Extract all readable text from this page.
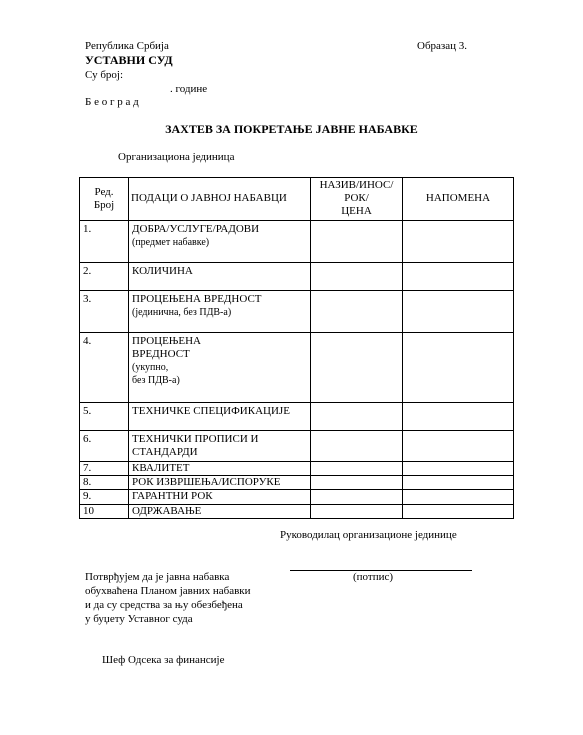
Република Србија
УСТАВНИ СУД
Су број:
. године
Б е о г р а д
Образац 3.
ЗАХТЕВ ЗА ПОКРЕТАЊЕ ЈАВНЕ НАБАВКЕ
Организациона јединица
Ред.
Број	ПОДАЦИ О ЈАВНОЈ НАБАВЦИ	НАЗИВ/ИНОС/
РОК/
ЦЕНА	НАПОМЕНА
1.	ДОБРА/УСЛУГЕ/РАДОВИ
(предмет набавке)		
2.	КОЛИЧИНА		
3.	ПРОЦЕЊЕНА ВРЕДНОСТ
(јединична, без ПДВ-а)		
4.	ПРОЦЕЊЕНА
ВРЕДНОСТ
(укупно,
без ПДВ-а)		
5.	ТЕХНИЧКЕ СПЕЦИФИКАЦИЈЕ		
6.	ТЕХНИЧКИ ПРОПИСИ И
СТАНДАРДИ		
7.	КВАЛИТЕТ		
8.	РОК ИЗВРШЕЊА/ИСПОРУКЕ		
9.	ГАРАНТНИ РОК		
10	ОДРЖАВАЊЕ		
Руководилац организационе јединице
(потпис)
Потврђујем да је јавна набавка
обухваћена Планом јавних набавки
и да су средства за њу обезбеђена
у буџету Уставног суда
Шеф Одсека за финансије
